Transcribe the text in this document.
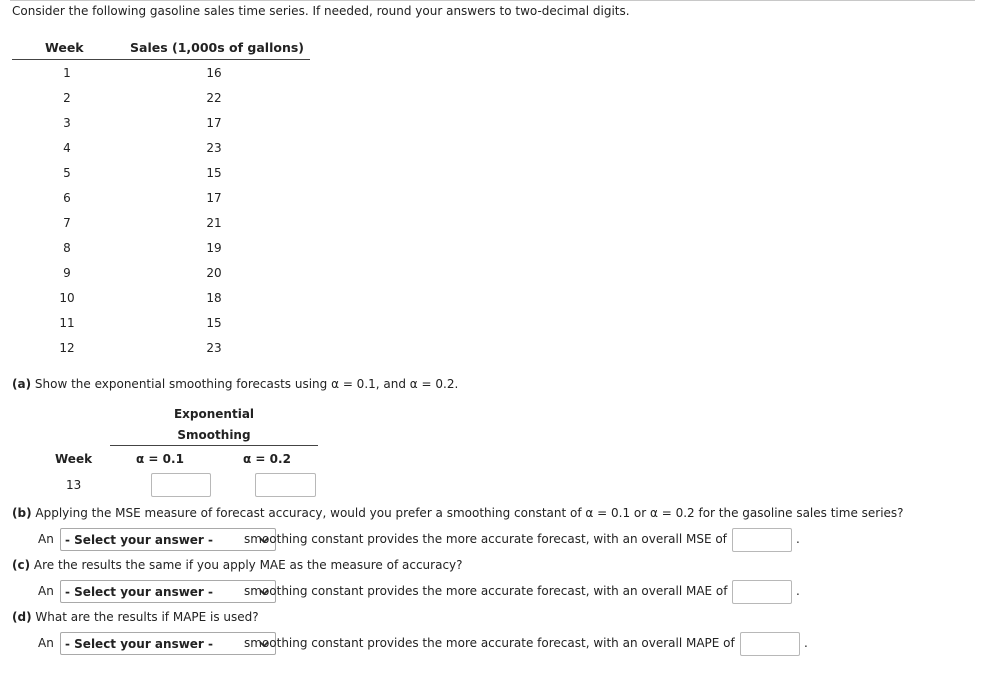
Consider the following gasoline sales time series. If needed, round your answers to two-decimal digits.
Week	Sales (1,000s of gallons)
1	16
2	22
3	17
4	23
5	15
6	17
7	21
8	19
9	20
10	18
11	15
12	23
(a) Show the exponential smoothing forecasts using α = 0.1, and α = 0.2.
Exponential
Smoothing
Week	α = 0.1	α = 0.2
13
(b) Applying the MSE measure of forecast accuracy, would you prefer a smoothing constant of α = 0.1 or α = 0.2 for the gasoline sales time series?
An - Select your answer -	smoothing constant provides the more accurate forecast, with an overall MSE of	.
(c) Are the results the same if you apply MAE as the measure of accuracy?
An - Select your answer -	smoothing constant provides the more accurate forecast, with an overall MAE of	.
(d) What are the results if MAPE is used?
An - Select your answer -	smoothing constant provides the more accurate forecast, with an overall MAPE of	.
